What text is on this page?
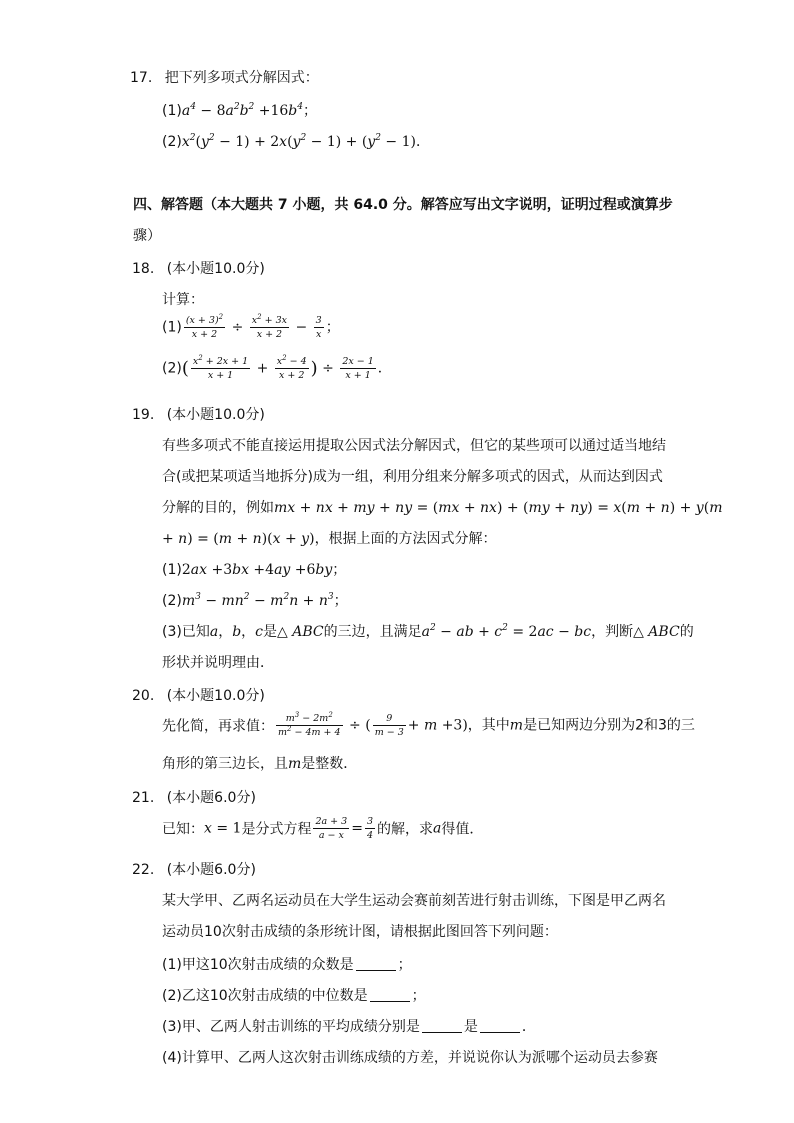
17. 把下列多项式分解因式：
$(1)a^4 - 8a^2b^2 +16b^4$；
$(2)x^2(y^2 - 1) + 2x(y^2 - 1) + (y^2 - 1)$．
四、解答题（本大题共 7 小题，共 64.0 分。解答应写出文字说明，证明过程或演算步
骤）
18. (本小题10.0分)
计算：
$(1) \frac{(x + 3)^2}{x + 2} \div \frac{x^2 + 3x}{x + 2} - \frac{3}{x}$ ；
$(2)( \frac{x^2 + 2x + 1}{x + 1} + \frac{x^2 - 4}{x + 2}$ ) ÷ $\frac{2x - 1}{x + 1}$ ．
19. (本小题10.0分)
有些多项式不能直接运用提取公因式法分解因式，但它的某些项可以通过适当地结
合(或把某项适当地拆分)成为一组，利用分组来分解多项式的因式，从而达到因式
分解的目的，例如mx + nx + my + ny = (mx + nx) + (my + ny) = x(m + n) + y(m
+ n) = (m + n)(x + y)，根据上面的方法因式分解：
(1)2ax +3bx +4ay +6by；
$(2)m^3 - mn^2 - m^2n + n^3$；
(3)已知a，b，c是△ ABC的三边，且满足$a^2$ − ab + $c^2 = 2ac$ − bc，判断△ ABC的
形状并说明理由．
20. (本小题10.0分)
先化简，再求值： $\frac{m^3 - 2m^2}{m^2 - 4m + 4}$ ÷ ( $\frac{9}{m - 3} + m +3$)，其中m是已知两边分别为2和3的三
角形的第三边长，且m是整数．
21. (本小题6.0分)
已知：x = 1是分式方程 $\frac{2a + 3}{a - x} = \frac{3}{4}$ 的解，求a得值．
22. (本小题6.0分)
某大学甲、乙两名运动员在大学生运动会赛前刻苦进行射击训练，下图是甲乙两名
运动员10次射击成绩的条形统计图，请根据此图回答下列问题：
(1)甲这10次射击成绩的众数是	；
(2)乙这10次射击成绩的中位数是	；
(3)甲、乙两人射击训练的平均成绩分别是	是	．
(4)计算甲、乙两人这次射击训练成绩的方差，并说说你认为派哪个运动员去参赛
